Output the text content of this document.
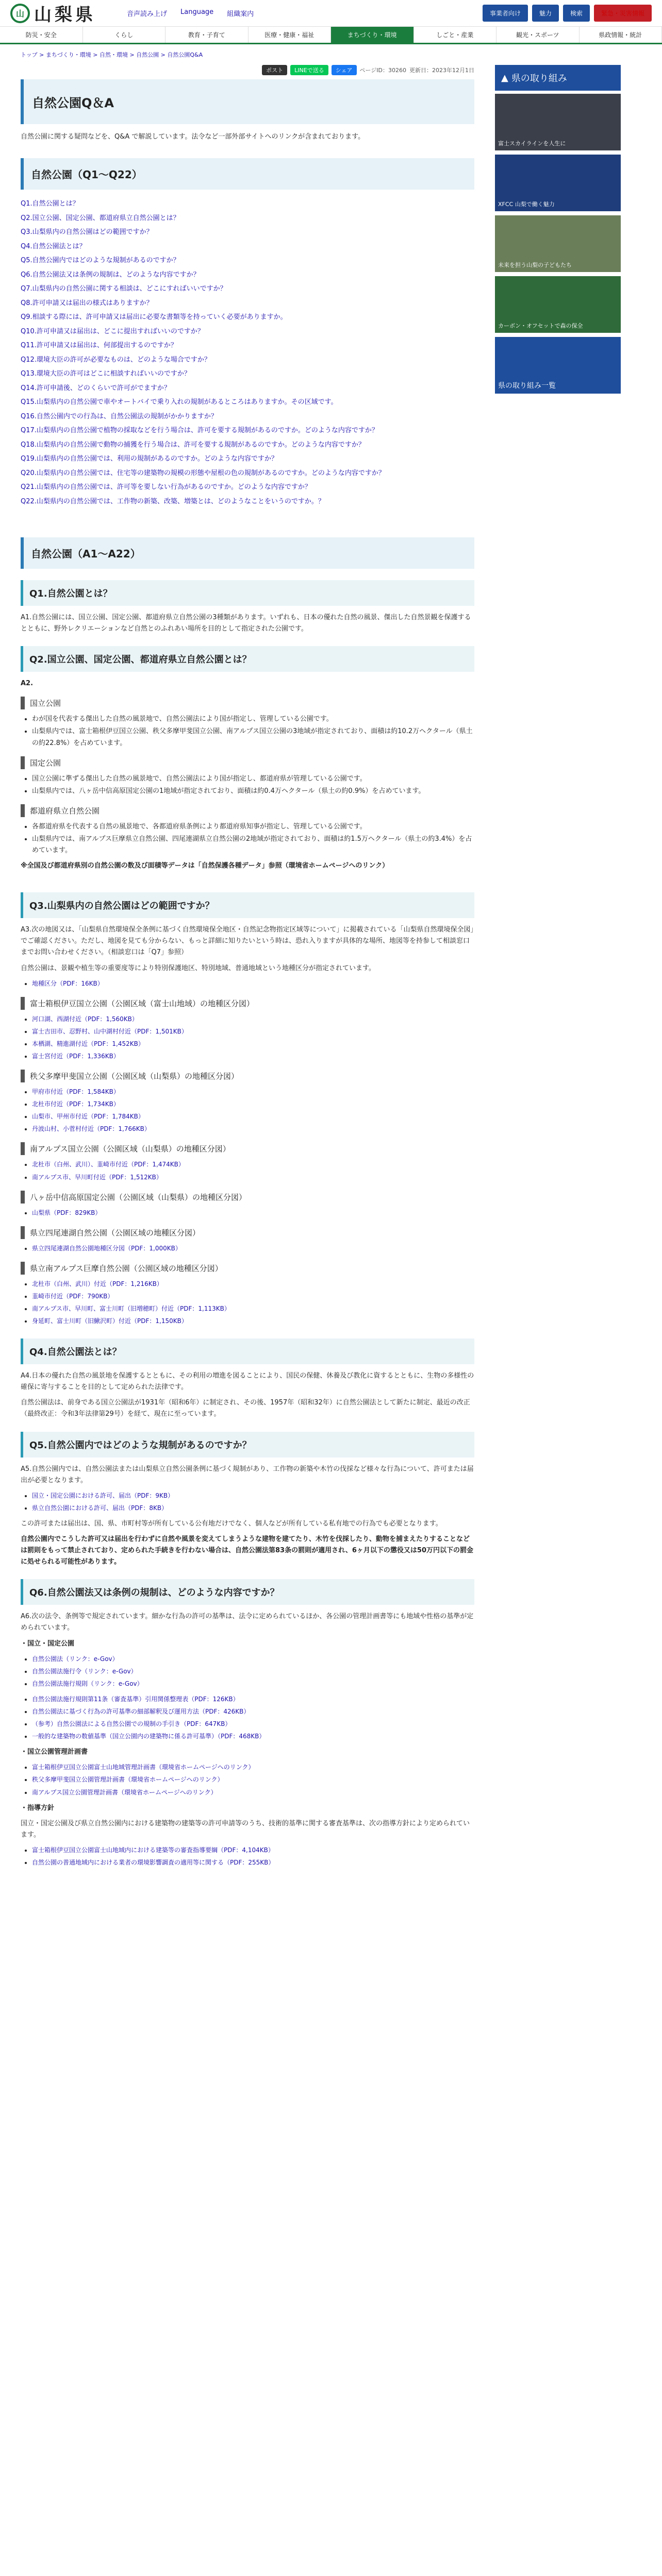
山 山梨県	音声読み上げ Language 組織案内	事業者向け	魅力	検索	緊急・災害情報
防災・安全	くらし	教育・子育て	医療・健康・福祉	まちづくり・環境	しごと・産業	観光・スポーツ	県政情報・統計
トップ > まちづくり・環境 > 自然・環境 > 自然公園 > 自然公園Q&A
ポスト	LINEで送る	シェア	ページID：30260 更新日：2023年12月1日
自然公園Q＆A

自然公園に関する疑問などを、Q&A で解説しています。法令など一部外部サイトへのリンクが含まれております。

自然公園（Q1〜Q22）
Q1.自然公園とは？
Q2.国立公園、国定公園、都道府県立自然公園とは？
Q3.山梨県内の自然公園はどの範囲ですか？
Q4.自然公園法とは？
Q5.自然公園内ではどのような規制があるのですか？
Q6.自然公園法又は条例の規制は、どのような内容ですか？
Q7.山梨県内の自然公園に関する相談は、どこにすればいいですか？
Q8.許可申請又は届出の様式はありますか？
Q9.相談する際には、許可申請又は届出に必要な書類等を持っていく必要がありますか。
Q10.許可申請又は届出は、どこに提出すればいいのですか？
Q11.許可申請又は届出は、何部提出するのですか？
Q12.環境大臣の許可が必要なものは、どのような場合ですか？
Q13.環境大臣の許可はどこに相談すればいいのですか？
Q14.許可申請後、どのくらいで許可がでますか？
Q15.山梨県内の自然公園で車やオートバイで乗り入れの規制があるところはありますか。その区域です。
Q16.自然公園内での行為は、自然公園法の規制がかかりますか？
Q17.山梨県内の自然公園で植物の採取などを行う場合は、許可を要する規制があるのですか。どのような内容ですか？
Q18.山梨県内の自然公園で動物の捕獲を行う場合は、許可を要する規制があるのですか。どのような内容ですか？
Q19.山梨県内の自然公園では、利用の規制があるのですか。どのような内容ですか？
Q20.山梨県内の自然公園では、住宅等の建築物の規模の形態や屋根の色の規制があるのですか。どのような内容ですか？
Q21.山梨県内の自然公園では、許可等を要しない行為があるのですか。どのような内容ですか？
Q22.山梨県内の自然公園では、工作物の新築、改築、増築とは、どのようなことをいうのですか。？
自然公園（A1〜A22）
Q1.自然公園とは？

A1.自然公園には、国立公園、国定公園、都道府県立自然公園の3種類があります。いずれも、日本の優れた自然の風景、傑出した自然景観を保護するとともに、野外レクリエーションなど自然とのふれあい場所を目的として指定された公園です。

Q2.国立公園、国定公園、都道府県立自然公園とは？

A2.

国立公園
• わが国を代表する傑出した自然の風景地で、自然公園法により国が指定し、管理している公園です。
• 山梨県内では、富士箱根伊豆国立公園、秩父多摩甲斐国立公園、南アルプス国立公園の3地域が指定されており、面積は約10.2万ヘクタール（県土の約22.8%）を占めています。
国定公園
• 国立公園に準ずる傑出した自然の風景地で、自然公園法により国が指定し、都道府県が管理している公園です。
• 山梨県内では、八ヶ岳中信高原国定公園の1地域が指定されており、面積は約0.4万ヘクタール（県土の約0.9%）を占めています。
都道府県立自然公園
• 各都道府県を代表する自然の風景地で、各都道府県条例により都道府県知事が指定し、管理している公園です。
• 山梨県内では、南アルプス巨摩県立自然公園、四尾連湖県立自然公園の2地域が指定されており、面積は約1.5万ヘクタール（県土の約3.4%）を占めています。

※全国及び都道府県別の自然公園の数及び面積等データは「自然保護各種データ」参照（環境省ホームページへのリンク）

Q3.山梨県内の自然公園はどの範囲ですか？

A3.次の地図又は、「山梨県自然環境保全条例に基づく自然環境保全地区・自然記念物指定区域等について」に掲載されている「山梨県自然環境保全図」でご確認ください。ただし、地図を見ても分からない、もっと詳細に知りたいという時は、恐れ入りますが具体的な場所、地図等を持参して相談窓口までお問い合わせください。（相談窓口は「Q7」参照）

自然公園は、景観や植生等の重要度等により特別保護地区、特別地域、普通地域という地種区分が指定されています。

• 地種区分（PDF：16KB）
富士箱根伊豆国立公園（公園区域（富士山地域）の地種区分図）
• 河口湖、西湖付近（PDF：1,560KB）
• 富士吉田市、忍野村、山中湖村付近（PDF：1,501KB）
• 本栖湖、精進湖付近（PDF：1,452KB）
• 富士宮付近（PDF：1,336KB）
秩父多摩甲斐国立公園（公園区域（山梨県）の地種区分図）
• 甲府市付近（PDF：1,584KB）
• 北杜市付近（PDF：1,734KB）
• 山梨市、甲州市付近（PDF：1,784KB）
• 丹波山村、小菅村付近（PDF：1,766KB）
南アルプス国立公園（公園区域（山梨県）の地種区分図）
• 北杜市（白州、武川）、韮崎市付近（PDF：1,474KB）
• 南アルプス市、早川町付近（PDF：1,512KB）
八ヶ岳中信高原国定公園（公園区域（山梨県）の地種区分図）
• 山梨県（PDF：829KB）
県立四尾連湖自然公園（公園区域の地種区分図）
• 県立四尾連湖自然公園地種区分図（PDF：1,000KB）
県立南アルプス巨摩自然公園（公園区域の地種区分図）
• 北杜市（白州、武川）付近（PDF：1,216KB）
• 韮崎市付近（PDF：790KB）
• 南アルプス市、早川町、富士川町（旧増穂町）付近（PDF：1,113KB）
• 身延町、富士川町（旧鰍沢町）付近（PDF：1,150KB）
Q4.自然公園法とは？

A4.日本の優れた自然の風景地を保護するとともに、その利用の増進を図ることにより、国民の保健、休養及び教化に資するとともに、生物の多様性の確保に寄与することを目的として定められた法律です。

自然公園法は、前身である国立公園法が1931年（昭和6年）に制定され、その後、1957年（昭和32年）に自然公園法として新たに制定、最近の改正（最終改正：令和3年法律第29号）を経て、現在に至っています。

Q5.自然公園内ではどのような規制があるのですか？

A5.自然公園内では、自然公園法または山梨県立自然公園条例に基づく規制があり、工作物の新築や木竹の伐採など様々な行為について、許可または届出が必要となります。

• 国立・国定公園における許可、届出（PDF：9KB）
• 県立自然公園における許可、届出（PDF：8KB）

この許可または届出は、国、県、市町村等が所有している公有地だけでなく、個人などが所有している私有地での行為でも必要となります。

自然公園内でこうした許可又は届出を行わずに自然や風景を変えてしまうような建物を建てたり、木竹を伐採したり、動物を捕まえたりすることなどは罰則をもって禁止されており、定められた手続きを行わない場合は、自然公園法第83条の罰則が適用され、6ヶ月以下の懲役又は50万円以下の罰金に処せられる可能性があります。

Q6.自然公園法又は条例の規制は、どのような内容ですか？

A6.次の法令、条例等で規定されています。細かな行為の許可の基準は、法令に定められているほか、各公園の管理計画書等にも地域や性格の基準が定められています。

・国立・国定公園

• 自然公園法（リンク：e-Gov）
• 自然公園法施行令（リンク：e-Gov）
• 自然公園法施行規則（リンク：e-Gov）
• 自然公園法施行規則第11条（審査基準）引用関係整理表（PDF：126KB）
• 自然公園法に基づく行為の許可基準の細部解釈及び運用方法（PDF：426KB）
• （参考）自然公園法による自然公園での規制の手引き（PDF：647KB）
• 一般的な建築物の数値基準（国立公園内の建築物に係る許可基準）（PDF：468KB）

・国立公園管理計画書

• 富士箱根伊豆国立公園富士山地域管理計画書（環境省ホームページへのリンク）
• 秩父多摩甲斐国立公園管理計画書（環境省ホームページへのリンク）
• 南アルプス国立公園管理計画書（環境省ホームページへのリンク）

・指導方針

国立・国定公園及び県立自然公園内における建築物の建築等の許可申請等のうち、技術的基準に関する審査基準は、次の指導方針により定められています。

• 富士箱根伊豆国立公園富士山地域内における建築等の審査指導要綱（PDF：4,104KB）
• 自然公園の普通地域内における業者の環境影響調査の適用等に関する（PDF：255KB）
▲ 県の取り組み
富士スカイラインを人生に
XFCC 山梨で働く魅力
未来を担う山梨の子どもたち
カーボン・オフセットで森の保全
県の取り組み一覧
